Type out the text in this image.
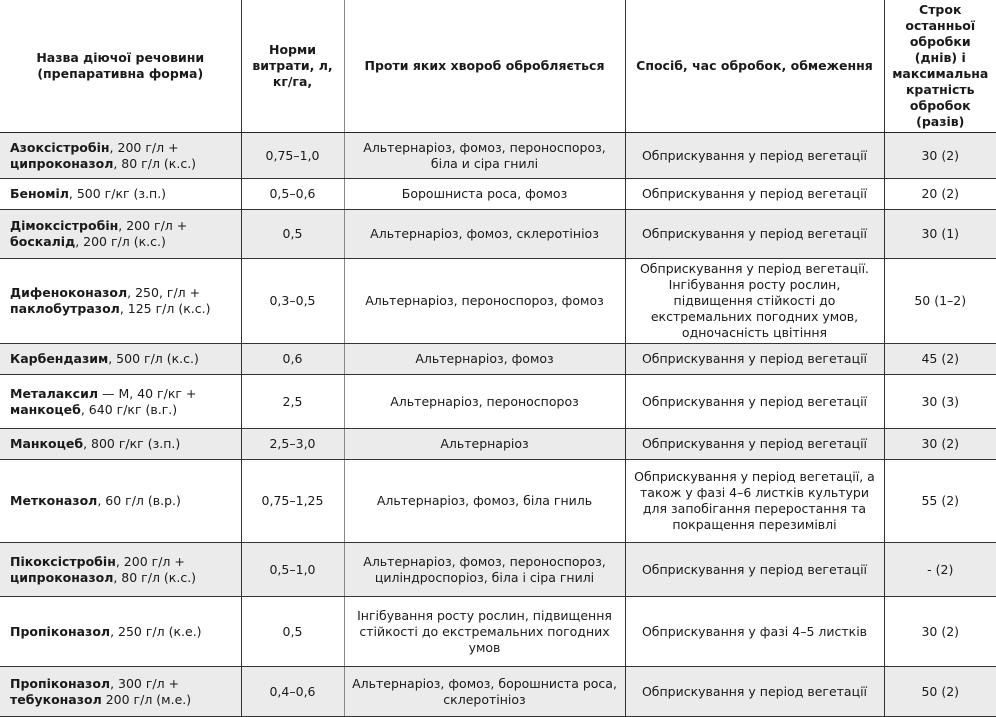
Назва діючої речовини (препаративна форма)	Норми витрати, л, кг/га,	Проти яких хвороб обробляється	Спосіб, час обробок, обмеження	Строк останньої обробки (днів) і максимальна кратність обробок (разів)
Азоксістробін, 200 г/л +
ципроконазол, 80 г/л (к.с.)	0,75–1,0	Альтернаріоз, фомоз, пероноспороз, біла и сіра гнилі	Обприскування у період вегетації	30 (2)
Беноміл, 500 г/кг (з.п.)	0,5–0,6	Борошниста роса, фомоз	Обприскування у період вегетації	20 (2)
Дімоксістробін, 200 г/л +
боскалід, 200 г/л (к.с.)	0,5	Альтернаріоз, фомоз, склеротініоз	Обприскування у період вегетації	30 (1)
Дифеноконазол, 250, г/л +
паклобутразол, 125 г/л (к.с.)	0,3–0,5	Альтернаріоз, пероноспороз, фомоз	Обприскування у період вегетації. Інгібування росту рослин, підвищення стійкості до екстремальних погодних умов, одночасність цвітіння	50 (1–2)
Карбендазим, 500 г/л (к.с.)	0,6	Альтернаріоз, фомоз	Обприскування у період вегетації	45 (2)
Металаксил — М, 40 г/кг +
манкоцеб, 640 г/кг (в.г.)	2,5	Альтернаріоз, пероноспороз	Обприскування у період вегетації	30 (3)
Манкоцеб, 800 г/кг (з.п.)	2,5–3,0	Альтернаріоз	Обприскування у період вегетації	30 (2)
Метконазол, 60 г/л (в.р.)	0,75–1,25	Альтернаріоз, фомоз, біла гниль	Обприскування у період вегетації, а також у фазі 4–6 листків культури для запобігання переростання та покращення перезимівлі	55 (2)
Пікоксістробін, 200 г/л +
ципроконазол, 80 г/л (к.с.)	0,5–1,0	Альтернаріоз, фомоз, пероноспороз, циліндроспоріоз, біла і сіра гнилі	Обприскування у період вегетації	- (2)
Пропіконазол, 250 г/л (к.е.)	0,5	Інгібування росту рослин, підвищення стійкості до екстремальних погодних умов	Обприскування у фазі 4–5 листків	30 (2)
Пропіконазол, 300 г/л +
тебуконазол 200 г/л (м.е.)	0,4–0,6	Альтернаріоз, фомоз, борошниста роса, склеротініоз	Обприскування у період вегетації	50 (2)
